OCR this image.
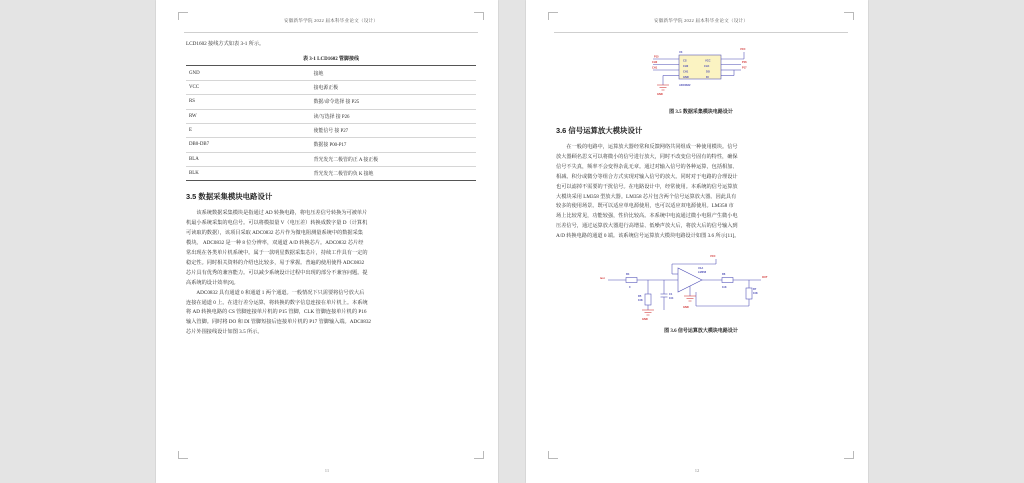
安徽新华学院 2022 届本科毕业论文（设计）
LCD1602 接线方式如表 3-1 所示。
表 3-1 LCD1602 管脚接线
GND	接地
VCC	接电源正极
RS	数据/命令选择 接 P25
RW	读/写选择 接 P26
E	使能信号 接 P27
DB0-DB7	数据接 P00-P17
BLA	背光发光二极管的正 A 接正极
BLK	背光发光二极管的负 K 接地
3.5 数据采集模块电路设计
该系统数据采集模块是指通过 AD 转换电路，将电压差信号转换为可被单片
机最小系统采集的电信号。可以将模拟量 V（电压差）转换成数字量 D（计算机
可读取的数据），该项目采取 ADC0832 芯片作为微电阻测量系统中的数据采集
模块。 ADC0832 是一种 8 位分辨率，双通道 A/D 转换芯片。ADC0832 芯片经
常出现在各类单片机系统中。属于一款明星数据采集芯片，持续工作具有一定的
稳定性。同时相关资料的介绍也比较多，易于掌握。普遍的使用使得 ADC0832
芯片具有优秀的兼容能力。可以减少系统设计过程中出现的部分不兼容问题。提
高系统的设计效率[9]。
ADC0832 具有通道 0 和通道 1 两个通道。一般情况下只需要将信号放大后
连接在通道 0 上。在进行差分运算，将转换的数字信息连接在单片机上。本系统
将 AD 转换电路的 CS 管脚连接单片机的 P15 管脚，CLK 管脚连接单片机的 P16
输入管脚。同时将 DO 和 DI 管脚短接后连接单片机的 P17 管脚输入端。ADC0832
芯片外围接线设计如图 3.5 所示。
11
安徽新华学院 2022 届本科毕业论文（设计）
U3
ADC0832
CS
CH0
CH1
GND
VCC
CLK
DO
DI
GND
P15
CH0
CH1
VCC
P16
P17
图 3.5 数据采集模块电路设计
3.6 信号运算放大模块设计
在一般的电路中，运算放大器经常和反馈网络共同组成一种使用模块。信号
放大器顾名思义可以将微小的信号进行放大，同时不改变信号固有的特性，确保
信号不失真，频率不会变得杂乱无章。通过对输入信号的各种运算，包括相加、
相减、积分或微分等组合方式实现对输入信号的放大。同时对于电路的合理设计
也可以滤掉不需要的干扰信号。在电路设计中，经常使用。本系统的信号运算放
大模块采用 LM358 型放大器。LM358 芯片包含两个信号运算放大器。因此具有
较多的使用场景。既可以适应单电源使用，也可以适应双电源使用。LM358 市
场上比较常见，功能较强，性价比较高。本系统中电流通过微小电阻产生微小电
压差信号，通过运算放大器进行高增益、低噪声放大后，将放大后的信号输入到
A/D 转换电路的通道 0 端。该系统信号运算放大模块电路设计如图 3.6 所示[11]。
GND
GND
VCC
test	OUT
U1A
LM358
R4
0
R5
10K
C1
104
R6
11K
R7
10K
图 3.6 信号运算放大模块电路设计
12
